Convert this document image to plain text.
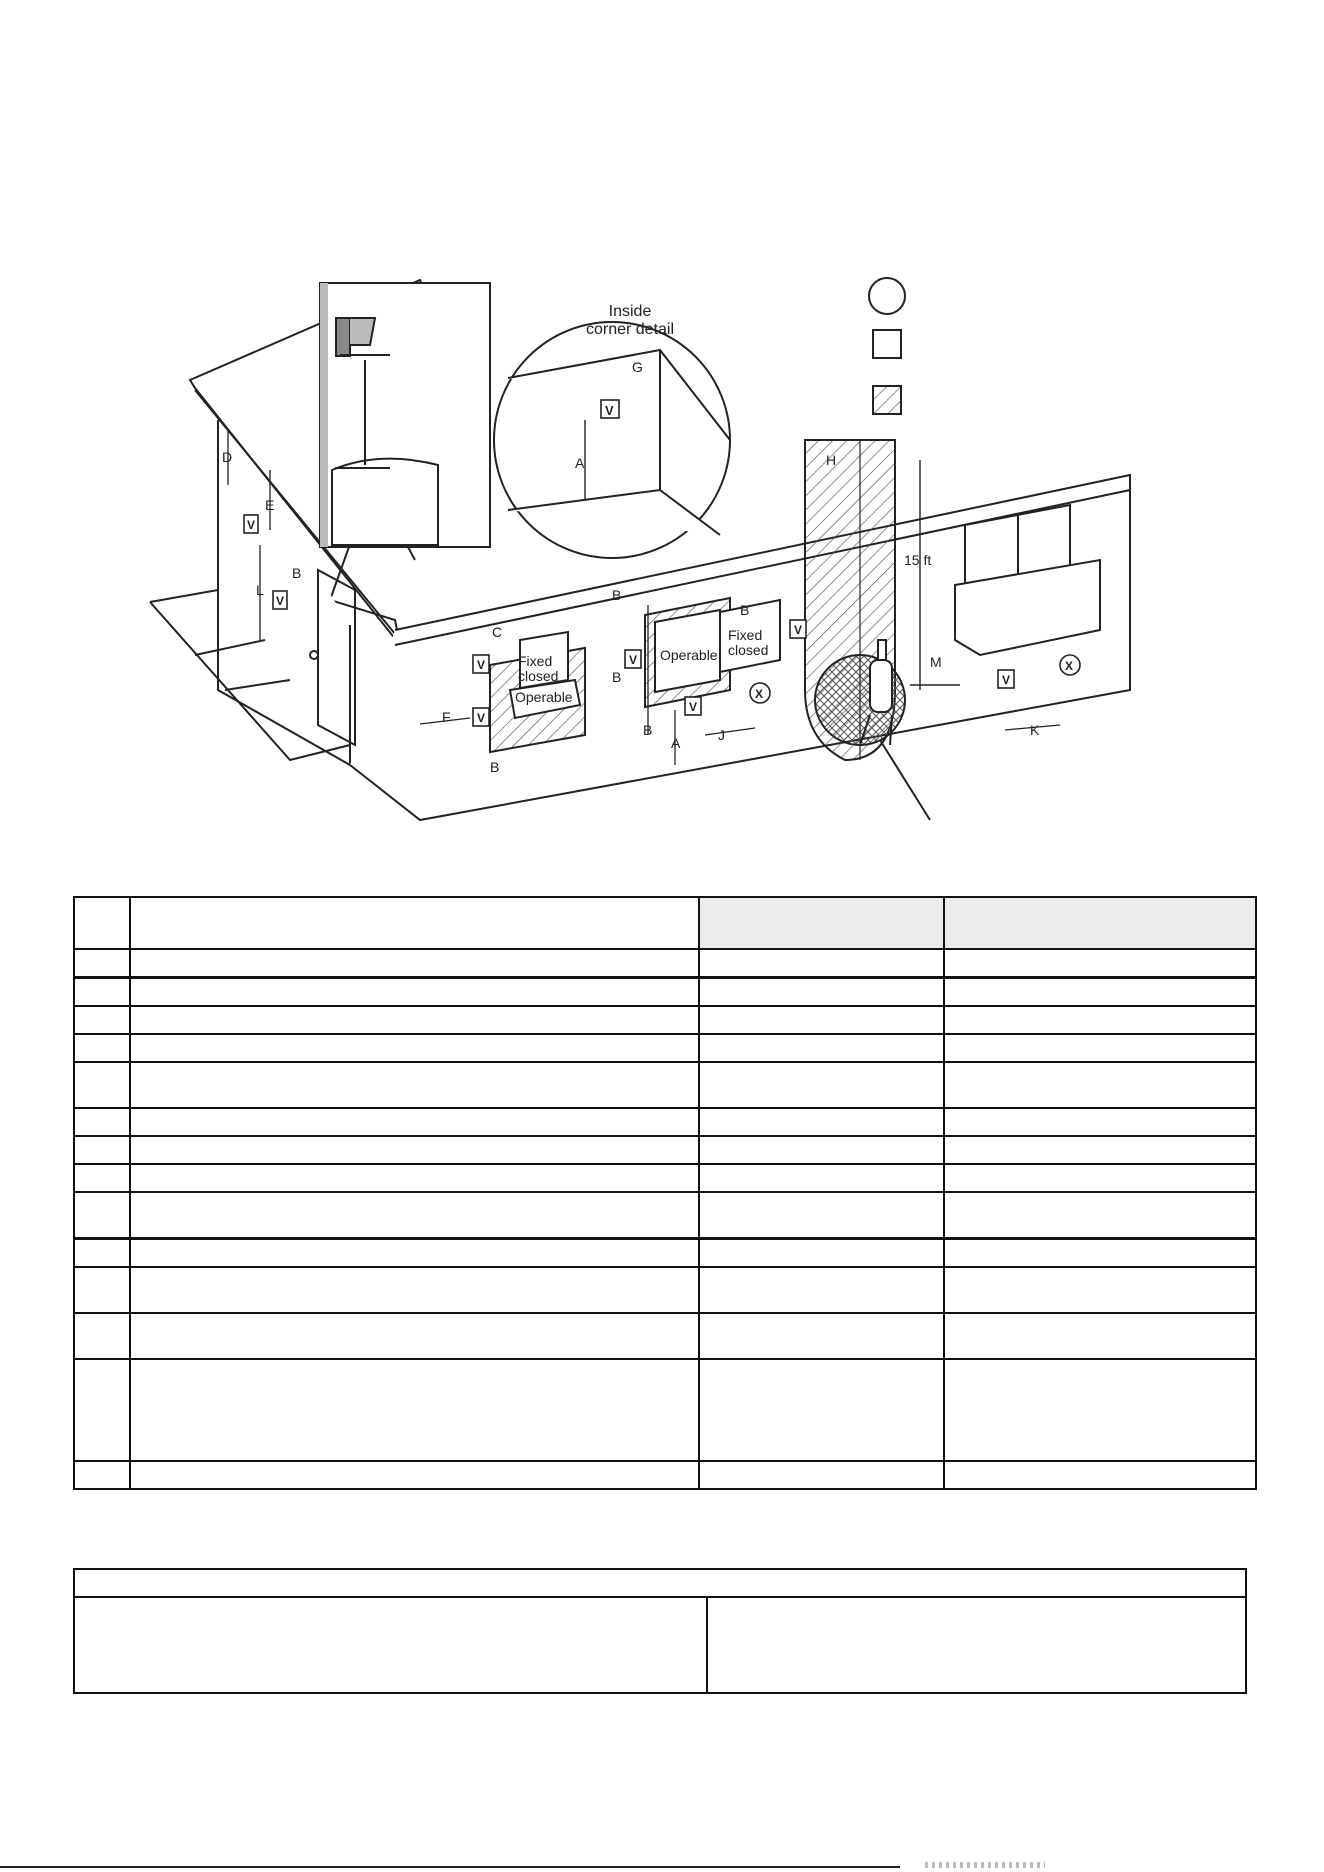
Inside
corner detail
G
A
V
H
15 ft
M
Fixed
closed
Operable
Operable
Fixed
closed
V
V
V
V
V
V
V
V
X
X
D
E
L
B
C
F
B
B
B
B
B
A	J	K
